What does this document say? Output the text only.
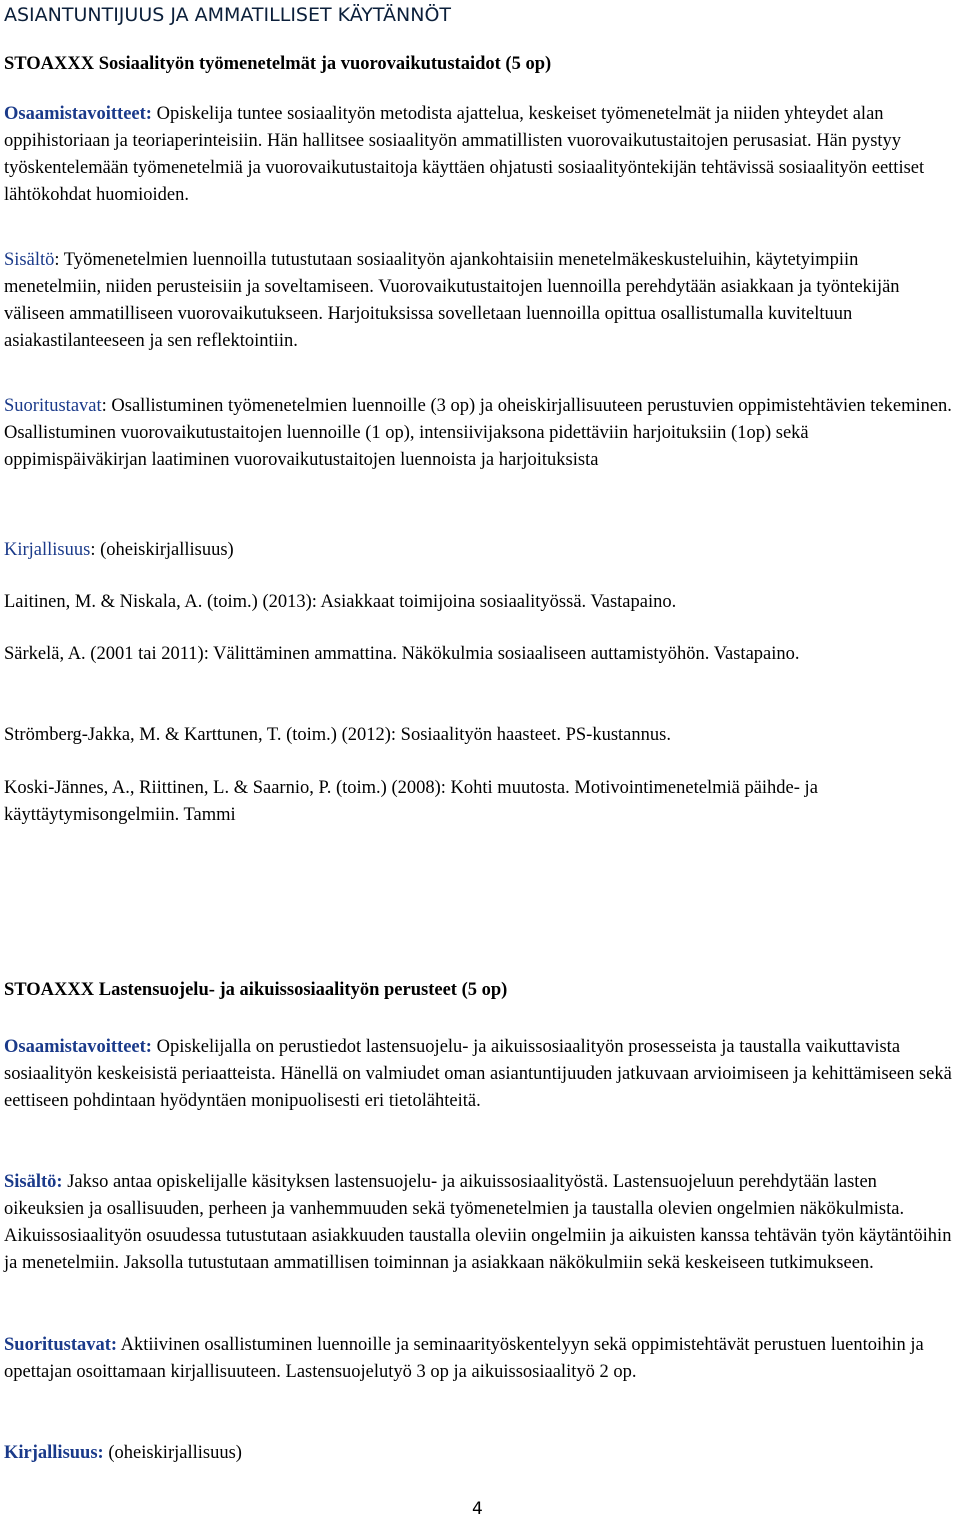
ASIANTUNTIJUUS JA AMMATILLISET KÄYTÄNNÖT

STOAXXX Sosiaalityön työmenetelmät ja vuorovaikutustaidot (5 op)

Osaamistavoitteet: Opiskelija tuntee sosiaalityön metodista ajattelua, keskeiset työmenetelmät ja niiden yhteydet alan oppihistoriaan ja teoriaperinteisiin. Hän hallitsee sosiaalityön ammatillisten vuorovaikutustaitojen perusasiat. Hän pystyy työskentelemään työmenetelmiä ja vuorovaikutustaitoja käyttäen ohjatusti sosiaalityöntekijän tehtävissä sosiaalityön eettiset lähtökohdat huomioiden.

Sisältö: Työmenetelmien luennoilla tutustutaan sosiaalityön ajankohtaisiin menetelmäkeskusteluihin, käytetyimpiin menetelmiin, niiden perusteisiin ja soveltamiseen. Vuorovaikutustaitojen luennoilla perehdytään asiakkaan ja työntekijän väliseen ammatilliseen vuorovaikutukseen. Harjoituksissa sovelletaan luennoilla opittua osallistumalla kuviteltuun asiakastilanteeseen ja sen reflektointiin.

Suoritustavat: Osallistuminen työmenetelmien luennoille (3 op) ja oheiskirjallisuuteen perustuvien oppimistehtävien tekeminen. Osallistuminen vuorovaikutustaitojen luennoille (1 op), intensiivijaksona pidettäviin harjoituksiin (1op) sekä oppimispäiväkirjan laatiminen vuorovaikutustaitojen luennoista ja harjoituksista

Kirjallisuus: (oheiskirjallisuus)

Laitinen, M. & Niskala, A. (toim.) (2013): Asiakkaat toimijoina sosiaalityössä. Vastapaino.

Särkelä, A. (2001 tai 2011): Välittäminen ammattina. Näkökulmia sosiaaliseen auttamistyöhön. Vastapaino.

Strömberg-Jakka, M. & Karttunen, T. (toim.) (2012): Sosiaalityön haasteet. PS-kustannus.

Koski-Jännes, A., Riittinen, L. & Saarnio, P. (toim.) (2008): Kohti muutosta. Motivointimenetelmiä päihde- ja käyttäytymisongelmiin. Tammi

STOAXXX Lastensuojelu- ja aikuissosiaalityön perusteet (5 op)

Osaamistavoitteet: Opiskelijalla on perustiedot lastensuojelu- ja aikuissosiaalityön prosesseista ja taustalla vaikuttavista sosiaalityön keskeisistä periaatteista. Hänellä on valmiudet oman asiantuntijuuden jatkuvaan arvioimiseen ja kehittämiseen sekä eettiseen pohdintaan hyödyntäen monipuolisesti eri tietolähteitä.

Sisältö: Jakso antaa opiskelijalle käsityksen lastensuojelu- ja aikuissosiaalityöstä. Lastensuojeluun perehdytään lasten oikeuksien ja osallisuuden, perheen ja vanhemmuuden sekä työmenetelmien ja taustalla olevien ongelmien näkökulmista. Aikuissosiaalityön osuudessa tutustutaan asiakkuuden taustalla oleviin ongelmiin ja aikuisten kanssa tehtävän työn käytäntöihin ja menetelmiin. Jaksolla tutustutaan ammatillisen toiminnan ja asiakkaan näkökulmiin sekä keskeiseen tutkimukseen.

Suoritustavat: Aktiivinen osallistuminen luennoille ja seminaarityöskentelyyn sekä oppimistehtävät perustuen luentoihin ja opettajan osoittamaan kirjallisuuteen. Lastensuojelutyö 3 op ja aikuissosiaalityö 2 op.

Kirjallisuus: (oheiskirjallisuus)

4
